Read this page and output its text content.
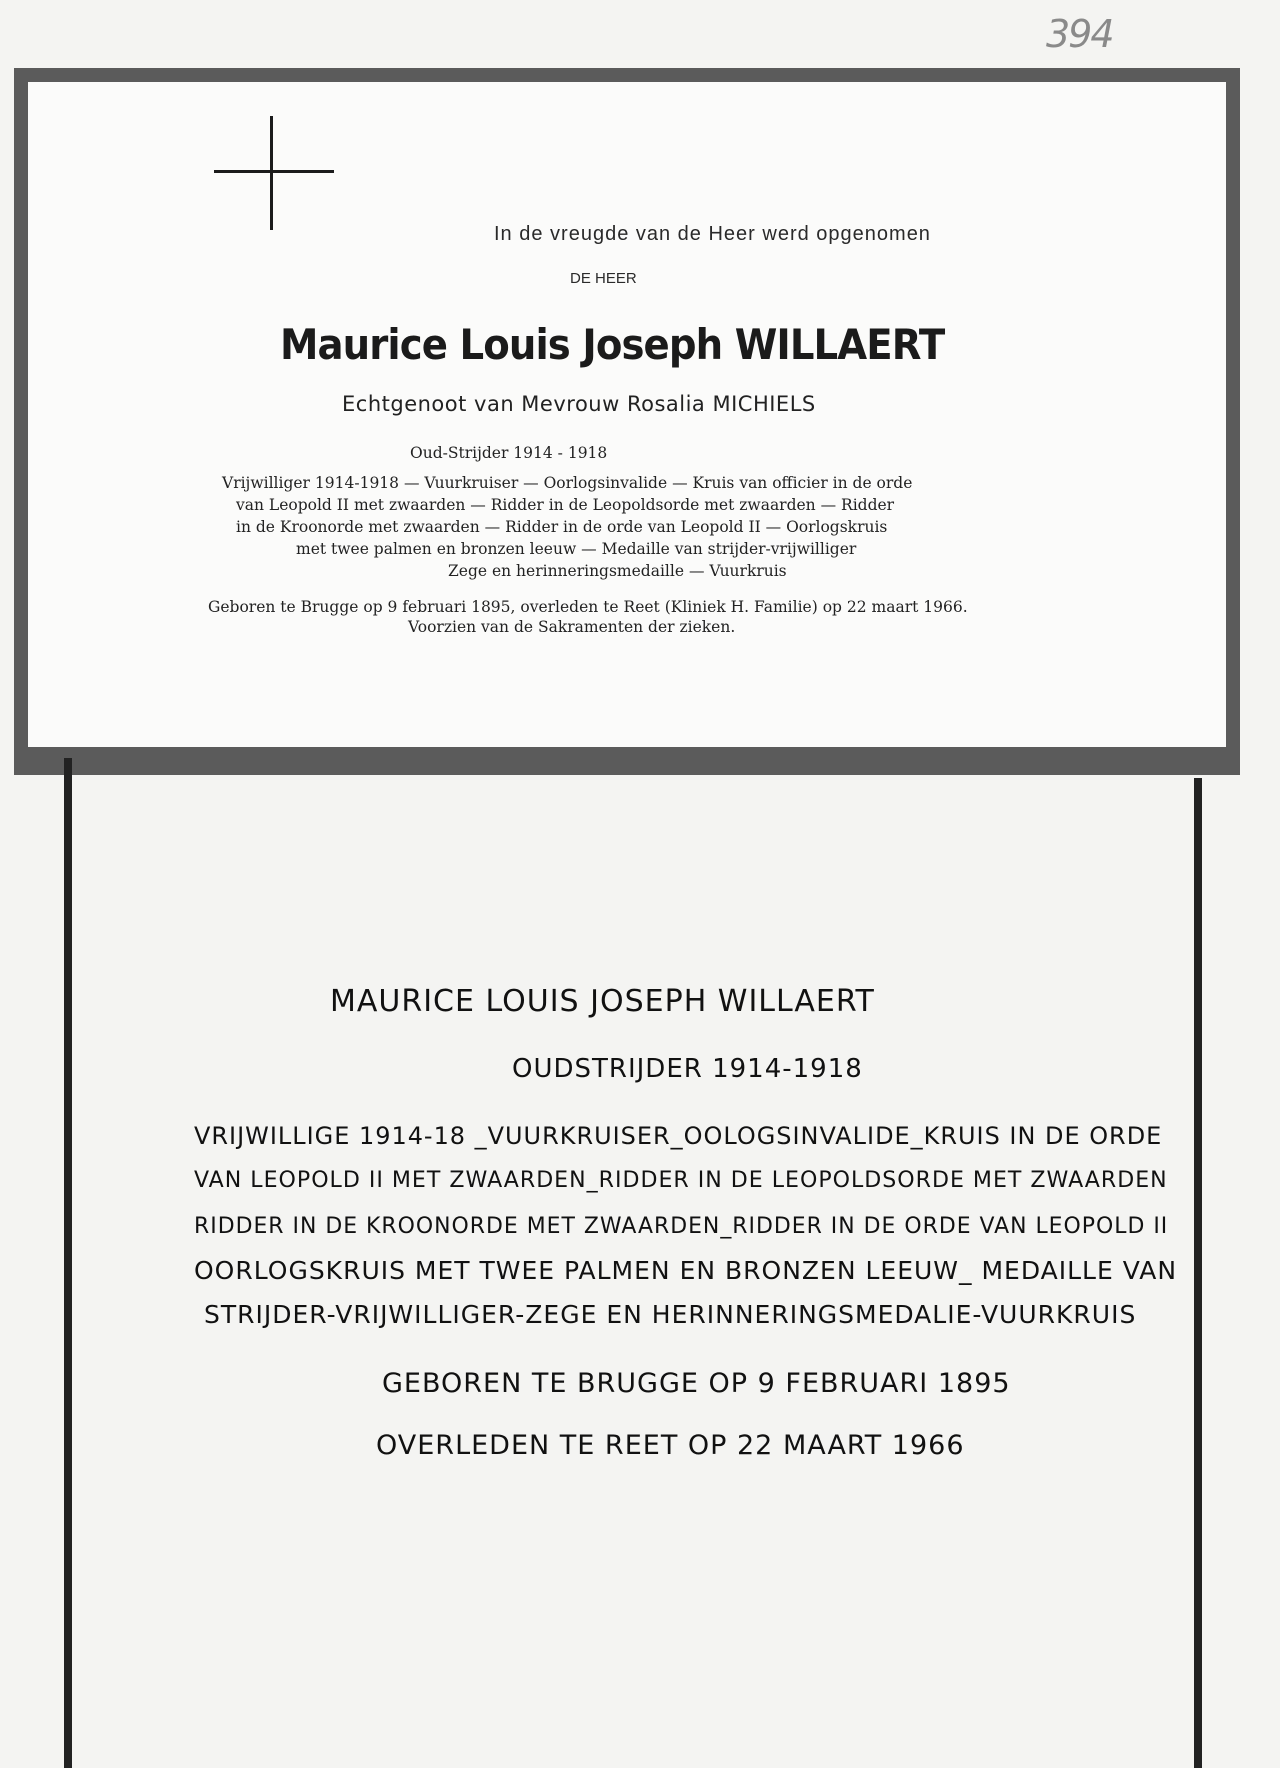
394
In de vreugde van de Heer werd opgenomen
DE HEER
Maurice Louis Joseph WILLAERT
Echtgenoot van Mevrouw Rosalia MICHIELS
Oud-Strijder 1914 - 1918
Vrijwilliger 1914-1918 — Vuurkruiser — Oorlogsinvalide — Kruis van officier in de orde
van Leopold II met zwaarden — Ridder in de Leopoldsorde met zwaarden — Ridder
in de Kroonorde met zwaarden — Ridder in de orde van Leopold II — Oorlogskruis
met twee palmen en bronzen leeuw — Medaille van strijder-vrijwilliger
Zege en herinneringsmedaille — Vuurkruis
Geboren te Brugge op 9 februari 1895, overleden te Reet (Kliniek H. Familie) op 22 maart 1966.
Voorzien van de Sakramenten der zieken.
MAURICE LOUIS JOSEPH WILLAERT
OUDSTRIJDER 1914-1918
VRIJWILLIGE 1914-18 _VUURKRUISER_OOLOGSINVALIDE_KRUIS IN DE ORDE
VAN LEOPOLD II MET ZWAARDEN_RIDDER IN DE LEOPOLDSORDE MET ZWAARDEN
RIDDER IN DE KROONORDE MET ZWAARDEN_RIDDER IN DE ORDE VAN LEOPOLD II
OORLOGSKRUIS MET TWEE PALMEN EN BRONZEN LEEUW_ MEDAILLE VAN
STRIJDER-VRIJWILLIGER-ZEGE EN HERINNERINGSMEDALIE-VUURKRUIS
GEBOREN TE BRUGGE OP 9 FEBRUARI 1895
OVERLEDEN TE REET OP 22 MAART 1966
